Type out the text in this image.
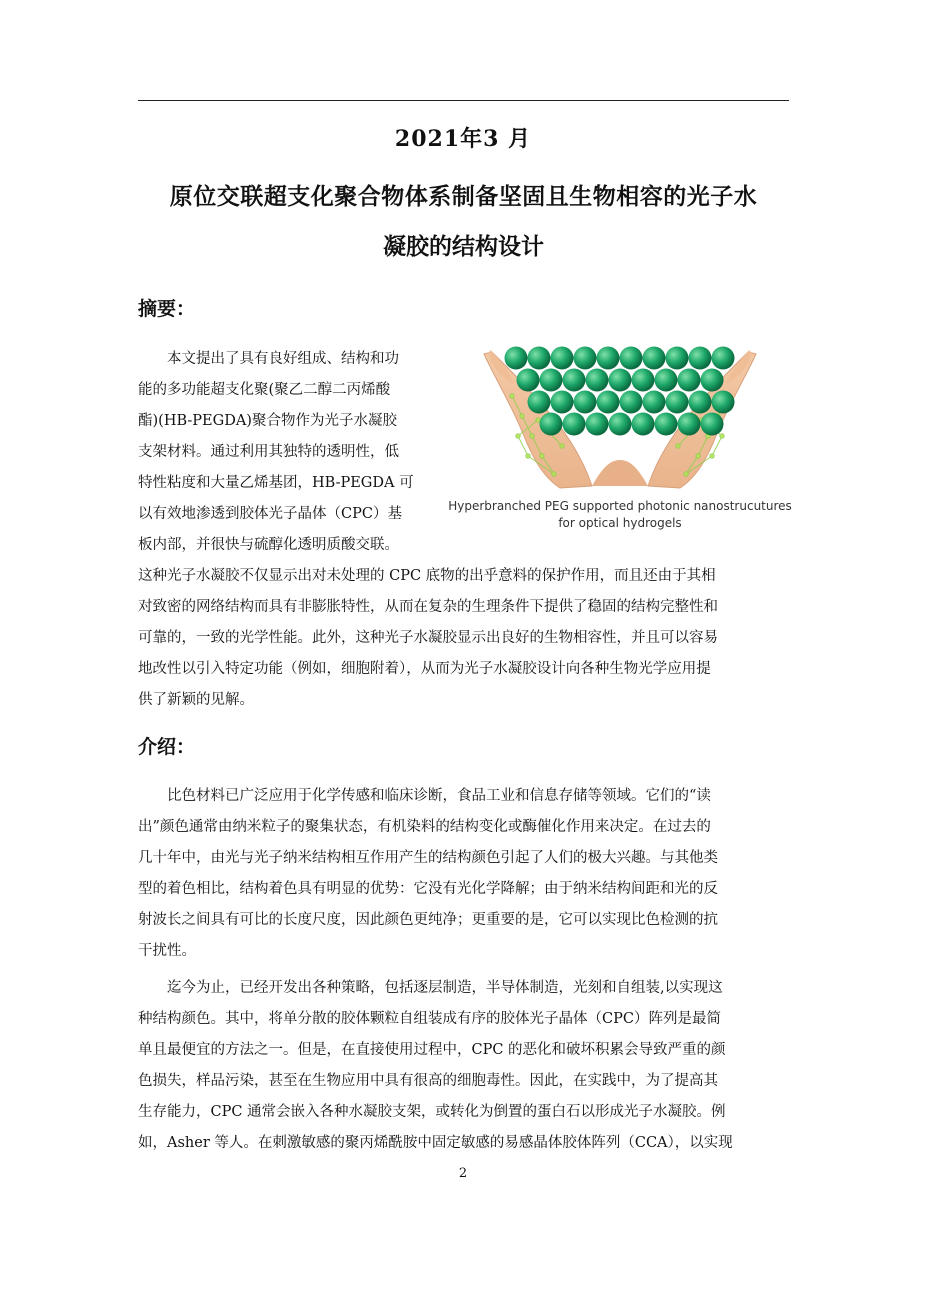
2021年3 月
原位交联超支化聚合物体系制备坚固且生物相容的光子水
凝胶的结构设计
摘要：

本文提出了具有良好组成、结构和功

能的多功能超支化聚(聚乙二醇二丙烯酸

酯)(HB-PEGDA)聚合物作为光子水凝胶

支架材料。通过利用其独特的透明性，低

特性粘度和大量乙烯基团，HB-PEGDA 可

以有效地渗透到胶体光子晶体（CPC）基

板内部，并很快与硫醇化透明质酸交联。

Hyperbranched PEG supported photonic nanostrucutures
for optical hydrogels

这种光子水凝胶不仅显示出对未处理的 CPC 底物的出乎意料的保护作用，而且还由于其相

对致密的网络结构而具有非膨胀特性，从而在复杂的生理条件下提供了稳固的结构完整性和

可靠的，一致的光学性能。此外，这种光子水凝胶显示出良好的生物相容性，并且可以容易

地改性以引入特定功能（例如，细胞附着），从而为光子水凝胶设计向各种生物光学应用提

供了新颖的见解。

介绍：

比色材料已广泛应用于化学传感和临床诊断，食品工业和信息存储等领域。它们的“读

出”颜色通常由纳米粒子的聚集状态，有机染料的结构变化或酶催化作用来决定。在过去的

几十年中，由光与光子纳米结构相互作用产生的结构颜色引起了人们的极大兴趣。与其他类

型的着色相比，结构着色具有明显的优势：它没有光化学降解；由于纳米结构间距和光的反

射波长之间具有可比的长度尺度，因此颜色更纯净；更重要的是，它可以实现比色检测的抗

干扰性。

迄今为止，已经开发出各种策略，包括逐层制造，半导体制造，光刻和自组装,以实现这

种结构颜色。其中，将单分散的胶体颗粒自组装成有序的胶体光子晶体（CPC）阵列是最简

单且最便宜的方法之一。但是，在直接使用过程中，CPC 的恶化和破坏积累会导致严重的颜

色损失，样品污染，甚至在生物应用中具有很高的细胞毒性。因此，在实践中，为了提高其

生存能力，CPC 通常会嵌入各种水凝胶支架，或转化为倒置的蛋白石以形成光子水凝胶。例

如，Asher 等人。在刺激敏感的聚丙烯酰胺中固定敏感的易感晶体胶体阵列（CCA），以实现

2
